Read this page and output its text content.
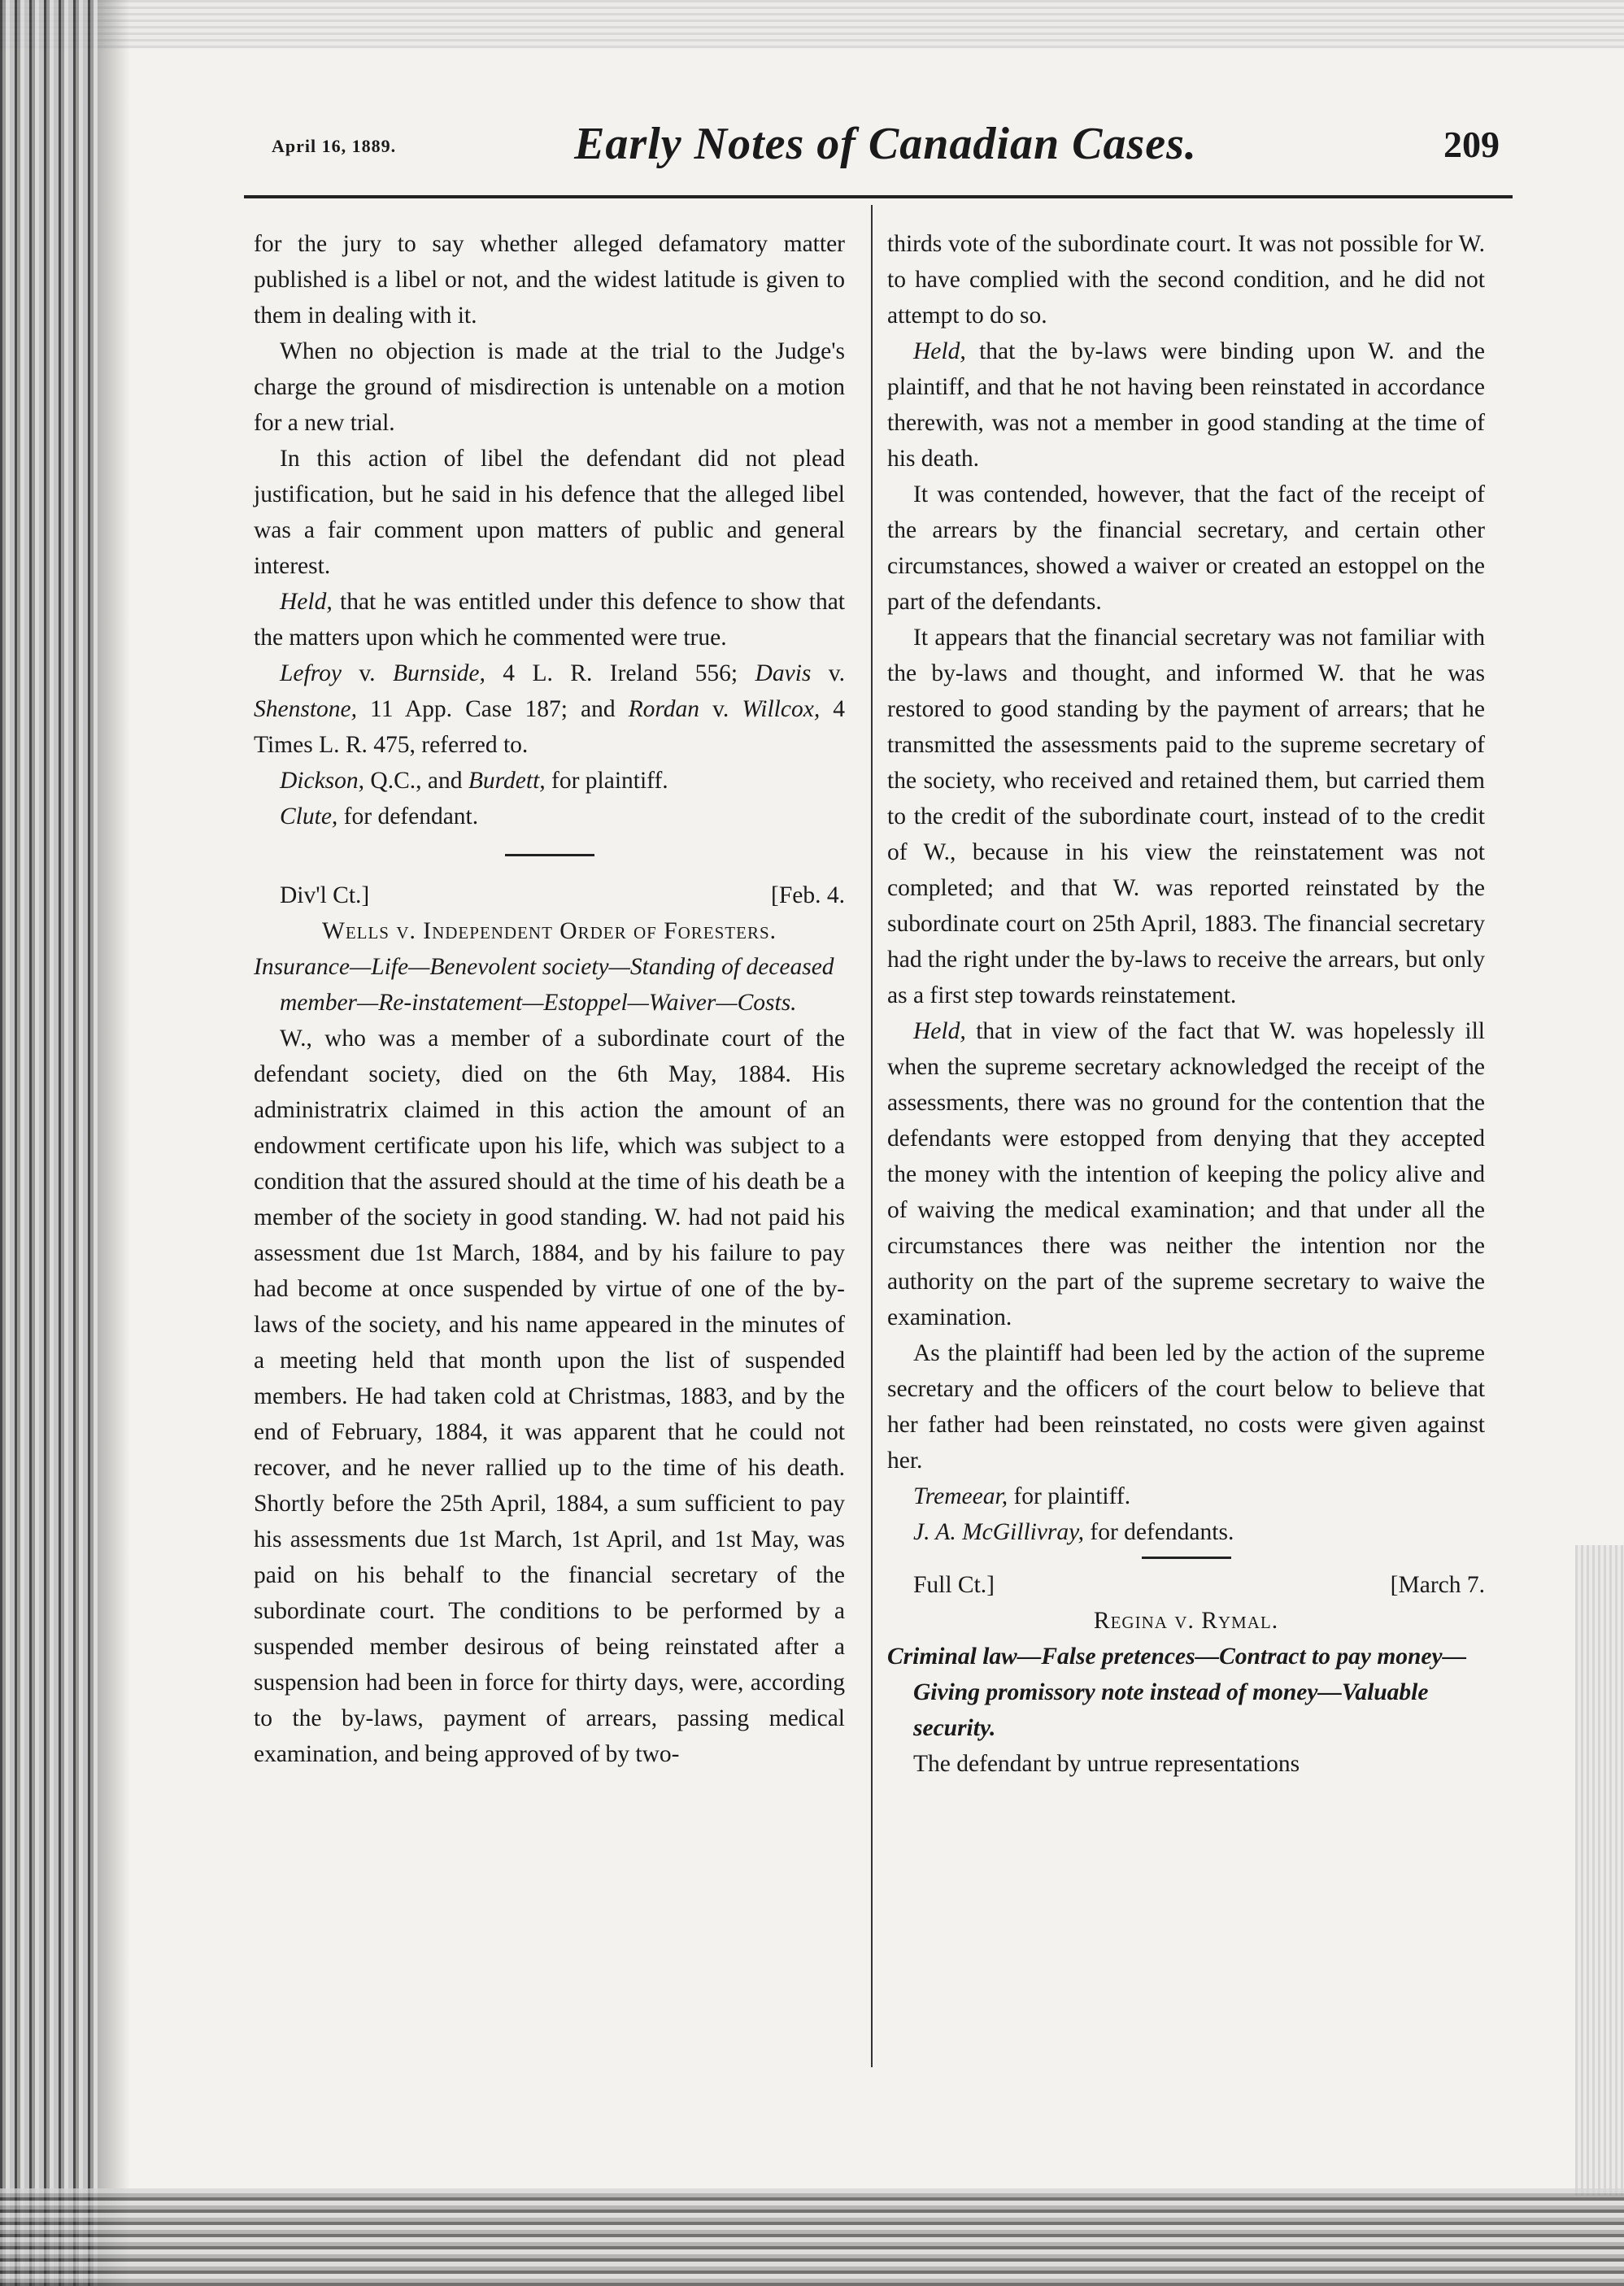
April 16, 1889.	Early Notes of Canadian Cases.	209

for the jury to say whether alleged defamatory matter published is a libel or not, and the widest latitude is given to them in dealing with it.

When no objection is made at the trial to the Judge's charge the ground of misdirection is untenable on a motion for a new trial.

In this action of libel the defendant did not plead justification, but he said in his defence that the alleged libel was a fair comment upon matters of public and general interest.

Held, that he was entitled under this defence to show that the matters upon which he commented were true.

Lefroy v. Burnside, 4 L. R. Ireland 556; Davis v. Shenstone, 11 App. Case 187; and Rordan v. Willcox, 4 Times L. R. 475, referred to.

Dickson, Q.C., and Burdett, for plaintiff.

Clute, for defendant.

Div'l Ct.]	[Feb. 4.

Wells v. Independent Order of Foresters.

Insurance—Life—Benevolent society—Standing of deceased member—Re-instatement—Estoppel—Waiver—Costs.

W., who was a member of a subordinate court of the defendant society, died on the 6th May, 1884. His administratrix claimed in this action the amount of an endowment certificate upon his life, which was subject to a condition that the assured should at the time of his death be a member of the society in good standing. W. had not paid his assessment due 1st March, 1884, and by his failure to pay had become at once suspended by virtue of one of the by-laws of the society, and his name appeared in the minutes of a meeting held that month upon the list of suspended members. He had taken cold at Christmas, 1883, and by the end of February, 1884, it was apparent that he could not recover, and he never rallied up to the time of his death. Shortly before the 25th April, 1884, a sum sufficient to pay his assessments due 1st March, 1st April, and 1st May, was paid on his behalf to the financial secretary of the subordinate court. The conditions to be performed by a suspended member desirous of being reinstated after a suspension had been in force for thirty days, were, according to the by-laws, payment of arrears, passing medical examination, and being approved of by two-

thirds vote of the subordinate court. It was not possible for W. to have complied with the second condition, and he did not attempt to do so.

Held, that the by-laws were binding upon W. and the plaintiff, and that he not having been reinstated in accordance therewith, was not a member in good standing at the time of his death.

It was contended, however, that the fact of the receipt of the arrears by the financial secretary, and certain other circumstances, showed a waiver or created an estoppel on the part of the defendants.

It appears that the financial secretary was not familiar with the by-laws and thought, and informed W. that he was restored to good standing by the payment of arrears; that he transmitted the assessments paid to the supreme secretary of the society, who received and retained them, but carried them to the credit of the subordinate court, instead of to the credit of W., because in his view the reinstatement was not completed; and that W. was reported reinstated by the subordinate court on 25th April, 1883. The financial secretary had the right under the by-laws to receive the arrears, but only as a first step towards reinstatement.

Held, that in view of the fact that W. was hopelessly ill when the supreme secretary acknowledged the receipt of the assessments, there was no ground for the contention that the defendants were estopped from denying that they accepted the money with the intention of keeping the policy alive and of waiving the medical examination; and that under all the circumstances there was neither the intention nor the authority on the part of the supreme secretary to waive the examination.

As the plaintiff had been led by the action of the supreme secretary and the officers of the court below to believe that her father had been reinstated, no costs were given against her.

Tremeear, for plaintiff.

J. A. McGillivray, for defendants.

Full Ct.]	[March 7.

Regina v. Rymal.

Criminal law—False pretences—Contract to pay money—Giving promissory note instead of money—Valuable security.

The defendant by untrue representations
